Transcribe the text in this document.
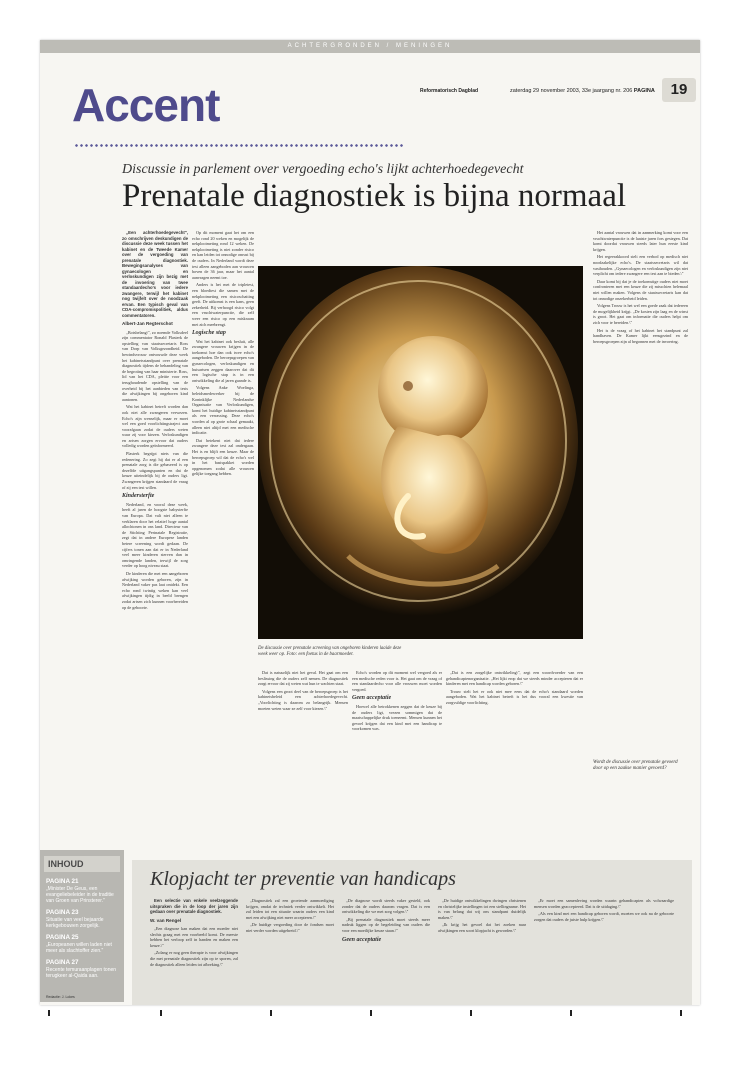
ACHTERGRONDEN / MENINGEN
Accent	Reformatorisch Dagblad	zaterdag 29 november 2003, 33e jaargang nr. 206 PAGINA	19
Discussie in parlement over vergoeding echo's lijkt achterhoedegevecht
Prenatale diagnostiek is bijna normaal

„Een achterhoedegevecht", zo omschrijven deskundigen de discussie deze week tussen het kabinet en de Tweede Kamer over de vergoeding van prenatale diagnostiek. Bewegingsanalyses van gynaecologen en verloskundigen zijn bezig met de invoering van twee standaardecho's voor iedere zwangere, terwijl het kabinet nog twijfelt over de noodzaak ervan. Een typisch geval van CDA-compromispolitiek, aldus commentatoren.

Albert-Jan Regterschot

„Botsbelang\", zo noemde Volksdeel zijn commentator Ronald Plasterk de opstelling van staatssecretaris Ross van Dorp van Volksgezondheid. De bewindsvrouw ontvouwde deze week het kabinetsstandpunt over prenatale diagnostiek tijdens de behandeling van de begroting van haar ministerie. Ross, lid van het CDA, pleitte voor een terughoudende opstelling van de overheid bij het aanbieden van tests die afwijkingen bij ongeboren kind aantonen.

Wat het kabinet betreft worden dan ook niet alle zwangeren verwezen. Echo's zijn wenselijk, maar er moet wel een goed voorlichtingstraject aan voorafgaan zodat de ouders weten waar zij voor kiezen. Verloskundigen en artsen zorgen ervoor dat ouders volledig worden geïnformeerd.

Plasterk begrijpt niets van die redenering. Zo zegt hij dat er al een prenatale zorg is die gebaseerd is op dezelfde uitgangspunten en dat de keuze uiteindelijk bij de ouders ligt. Zwangeren krijgen standaard de vraag of zij een test willen.

Kindersterfte

Nederland, en vooral deze week, heeft al jaren de hoogste babysterfte van Europa. Dat valt niet alleen te verklaren door het relatief hoge aantal allochtonen in ons land. Directeur van de Stichting Perinatale Registratie, zegt dat in andere Europese landen betere screening wordt gedaan. De cijfers tonen aan dat er in Nederland veel meer kinderen sterven dan in omringende landen, terwijl de zorg verder op hoog niveau staat.

De kinderen die met een aangeboren afwijking worden geboren, zijn in Nederland vaker pas laat ontdekt. Een echo rond twintig weken kan veel afwijkingen tijdig in beeld brengen zodat artsen zich kunnen voorbereiden op de geboorte.

Op dit moment gaat het om een echo rond 20 weken en mogelijk de nekplooimeting rond 12 weken. De nekplooimeting is niet zonder risico en kan leiden tot onnodige onrust bij de ouders. In Nederland wordt deze test alleen aangeboden aan vrouwen boven de 36 jaar, maar het aantal aanvragen neemt toe.

Anders is het met de tripletest, een bloedtest die samen met de nekplooimeting een risicoschatting geeft. De uitkomst is een kans, geen zekerheid. Bij verhoogd risico volgt een vruchtwaterpunctie, die zelf weer een risico op een miskraam met zich meebrengt.

Logische stap

Wat het kabinet ook besluit, alle zwangere vrouwen krijgen in de toekomst hoe dan ook twee echo's aangeboden. De beroepsgroepen van gynaecologen, verloskundigen en huisartsen zeggen daarover dat dit een logische stap is in een ontwikkeling die al jaren gaande is.

Volgens Anke Woelinga, beleidsmedewerker bij de Koninklijke Nederlandse Organisatie van Verloskundigen, komt het huidige kabinetsstandpunt als een verrassing. Deze echo's worden al op grote schaal gemaakt, alleen niet altijd met een medische indicatie.

Dat betekent niet dat iedere zwangere deze test zal ondergaan. Het is en blijft een keuze. Maar de beroepsgroep wil dat de echo's wel in het basispakket worden opgenomen zodat alle vrouwen gelijke toegang hebben.

De discussie over prenatale screening van ongeboren kinderen laaide deze week weer op. Foto: een foetus in de baarmoeder.

Dat is natuurlijk niet het geval. Het gaat om een beslissing die de ouders zelf nemen. De diagnostiek zorgt ervoor dat zij weten wat hun te wachten staat.

Volgens een groot deel van de beroepsgroep is het kabinetsbeleid een achterhoedegevecht. „Voorlichting is daarom zo belangrijk. Mensen moeten weten waar ze zelf voor kiezen.\"

Echo's worden op dit moment wel vergoed als er een medische reden voor is. Het gaat om de vraag of een standaardecho voor alle vrouwen moet worden vergoed.

Geen acceptatie

Hoewel alle betrokkenen zeggen dat de keuze bij de ouders ligt, vrezen sommigen dat de maatschappelijke druk toeneemt. Mensen kunnen het gevoel krijgen dat een kind met een handicap te voorkomen was.

„Dat is een zorgelijke ontwikkeling\", zegt een woordvoerder van een gehandicaptenorganisatie. „Het lijkt erop dat we steeds minder accepteren dat er kinderen met een handicap worden geboren.\"

Trouw stelt het er ook niet mee eens dat de echo's standaard worden aangeboden. Wat het kabinet betreft is het dus vooral een kwestie van zorgvuldige voorlichting.

Het aantal vrouwen dat in aanmerking komt voor een vruchtwaterpunctie is de laatste jaren fors gestegen. Dat komt doordat vrouwen steeds later hun eerste kind krijgen.

Het regeerakkoord stelt een verbod op medisch niet noodzakelijke echo's. De staatssecretaris wil dat vasthouden. „Gynaecologen en verloskundigen zijn niet verplicht om iedere zwangere een test aan te bieden.\"

Daar komt bij dat je de toekomstige ouders niet moet confronteren met een keuze die zij misschien helemaal niet willen maken. Volgens de staatssecretaris kan dat tot onnodige onzekerheid leiden.

Volgens Trouw is het wel een goede zaak dat iedereen de mogelijkheid krijgt. „De kosten zijn laag en de winst is groot. Het gaat om informatie die ouders helpt om zich voor te bereiden.\"

Het is de vraag of het kabinet het standpunt zal handhaven. De Kamer lijkt eensgezind en de beroepsgroepen zijn al begonnen met de invoering.

Wordt de discussie over prenatale gevoerd door op een zaakse manier gevoerd?
INHOUD
PAGINA 21
„Minister De Geus, een evangeliebeleider in de traditie van Groen van Prinsterer."
PAGINA 23
Situatie van veel bejaarde kerkgebouwen zorgelijk.
PAGINA 25
„Europeanen willen laden niet meer als slachtoffer zien."
PAGINA 27
Recente temuraanplagen tonen terugkeer al-Qaida aan.
Redactie: J. Lokes
Klopjacht ter preventie van handicaps

Een selectie van enkele veelzeggende uitspraken die in de loop der jaren zijn gedaan over prenatale diagnostiek.

W. van Rengel

„Een diagnose kan maken dat een moeder niet slechts graag met een voorbeeld komt. De meeste hebben het verloop zelf in handen en maken een keuze.\"

„Zolang er nog geen therapie is voor afwijkingen die met prenatale diagnostiek zijn op te sporen, zal de diagnostiek alleen leiden tot afbreking.\"

„Diagnostiek zal een groeiende aanmoediging krijgen, omdat de techniek verder ontwikkelt. Het zal leiden tot een situatie waarin ouders een kind met een afwijking niet meer accepteren.\"

„De huidige vergoeding door de fondsen moet niet verder worden uitgebreid.\"

„De diagnose wordt steeds vaker gesteld, ook zonder dat de ouders daarom vragen. Dat is een ontwikkeling die we met zorg volgen.\"

„Bij prenatale diagnostiek moet steeds meer nadruk liggen op de begeleiding van ouders die voor een moeilijke keuze staan.\"

Geen acceptatie

„De huidige ontwikkelingen dwingen christenen en christelijke instellingen tot een stellingname. Het is van belang dat wij ons standpunt duidelijk maken.\"

„Ik krijg het gevoel dat het zoeken naar afwijkingen een soort klopjacht is geworden.\"

„Er moet een samenleving worden waarin gehandicapten als volwaardige mensen worden geaccepteerd. Dat is de uitdaging.\"

„Als een kind met een handicap geboren wordt, moeten we ook na de geboorte zorgen dat ouders de juiste hulp krijgen.\"
